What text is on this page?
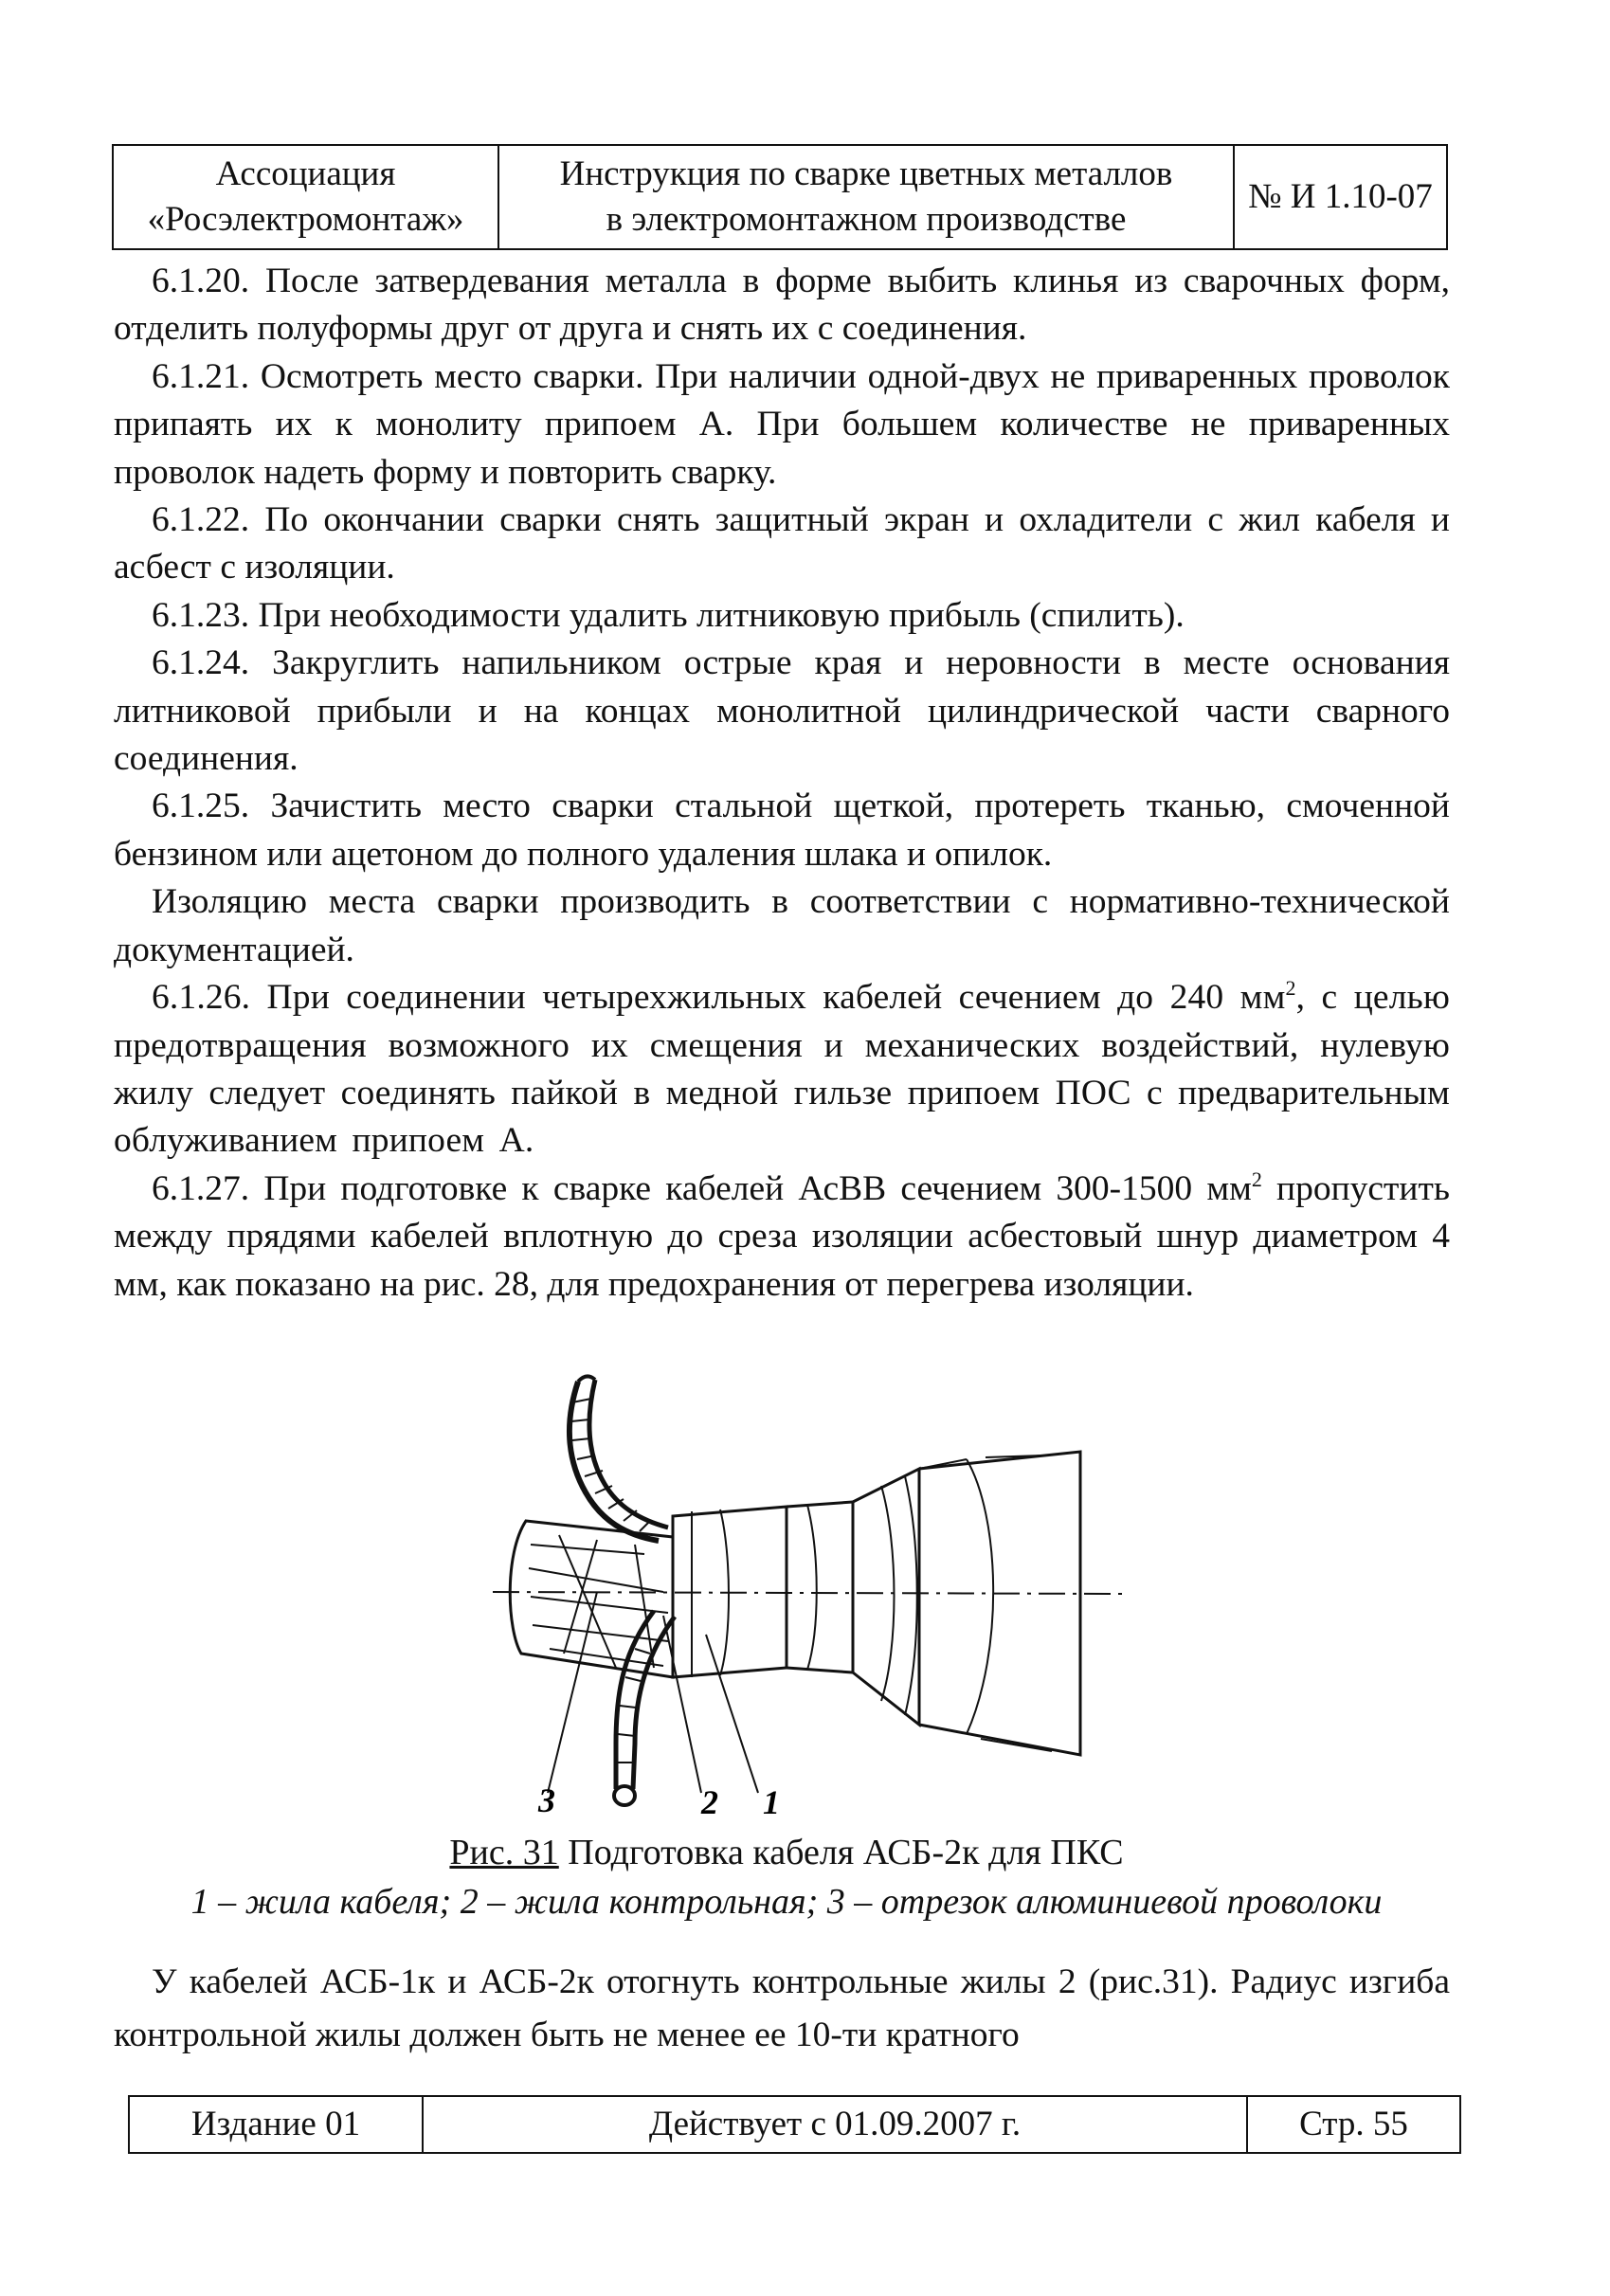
Ассоциация
«Росэлектромонтаж»

Инструкция по сварке цветных металлов
в электромонтажном производстве
	№ И 1.10-07

6.1.20. После затвердевания металла в форме выбить клинья из сварочных форм, отделить полуформы друг от друга и снять их с соединения.

6.1.21. Осмотреть место сварки. При наличии одной-двух не приваренных проволок припаять их к монолиту припоем А. При большем количестве не приваренных проволок надеть форму и повторить сварку.

6.1.22. По окончании сварки снять защитный экран и охладители с жил кабеля и асбест с изоляции.

6.1.23. При необходимости удалить литниковую прибыль (спилить).

6.1.24. Закруглить напильником острые края и неровности в месте основания литниковой прибыли и на концах монолитной цилиндрической части сварного соединения.

6.1.25. Зачистить место сварки стальной щеткой, протереть тканью, смоченной бензином или ацетоном до полного удаления шлака и опилок.

Изоляцию места сварки производить в соответствии с нормативно-технической документацией.

6.1.26. При соединении четырехжильных кабелей сечением до 240 $мм^2$, с целью предотвращения возможного их смещения и механических воздействий, нулевую жилу следует соединять пайкой в медной гильзе припоем ПОС с предварительным облуживанием припоем А.

6.1.27. При подготовке к сварке кабелей АсВВ сечением 300-1500 $мм^2$ пропустить между прядями кабелей вплотную до среза изоляции асбестовый шнур диаметром 4 мм, как показано на рис. 28, для предохранения от перегрева изоляции.

3	2 1
Рис. 31 Подготовка кабеля АСБ-2к для ПКС
1 – жила кабеля; 2 – жила контрольная; 3 – отрезок алюминиевой проволоки

У кабелей АСБ-1к и АСБ-2к отогнуть контрольные жилы 2 (рис.31). Радиус изгиба контрольной жилы должен быть не менее ее 10-ти кратного

Издание 01	Действует с 01.09.2007 г.	Стр. 55
